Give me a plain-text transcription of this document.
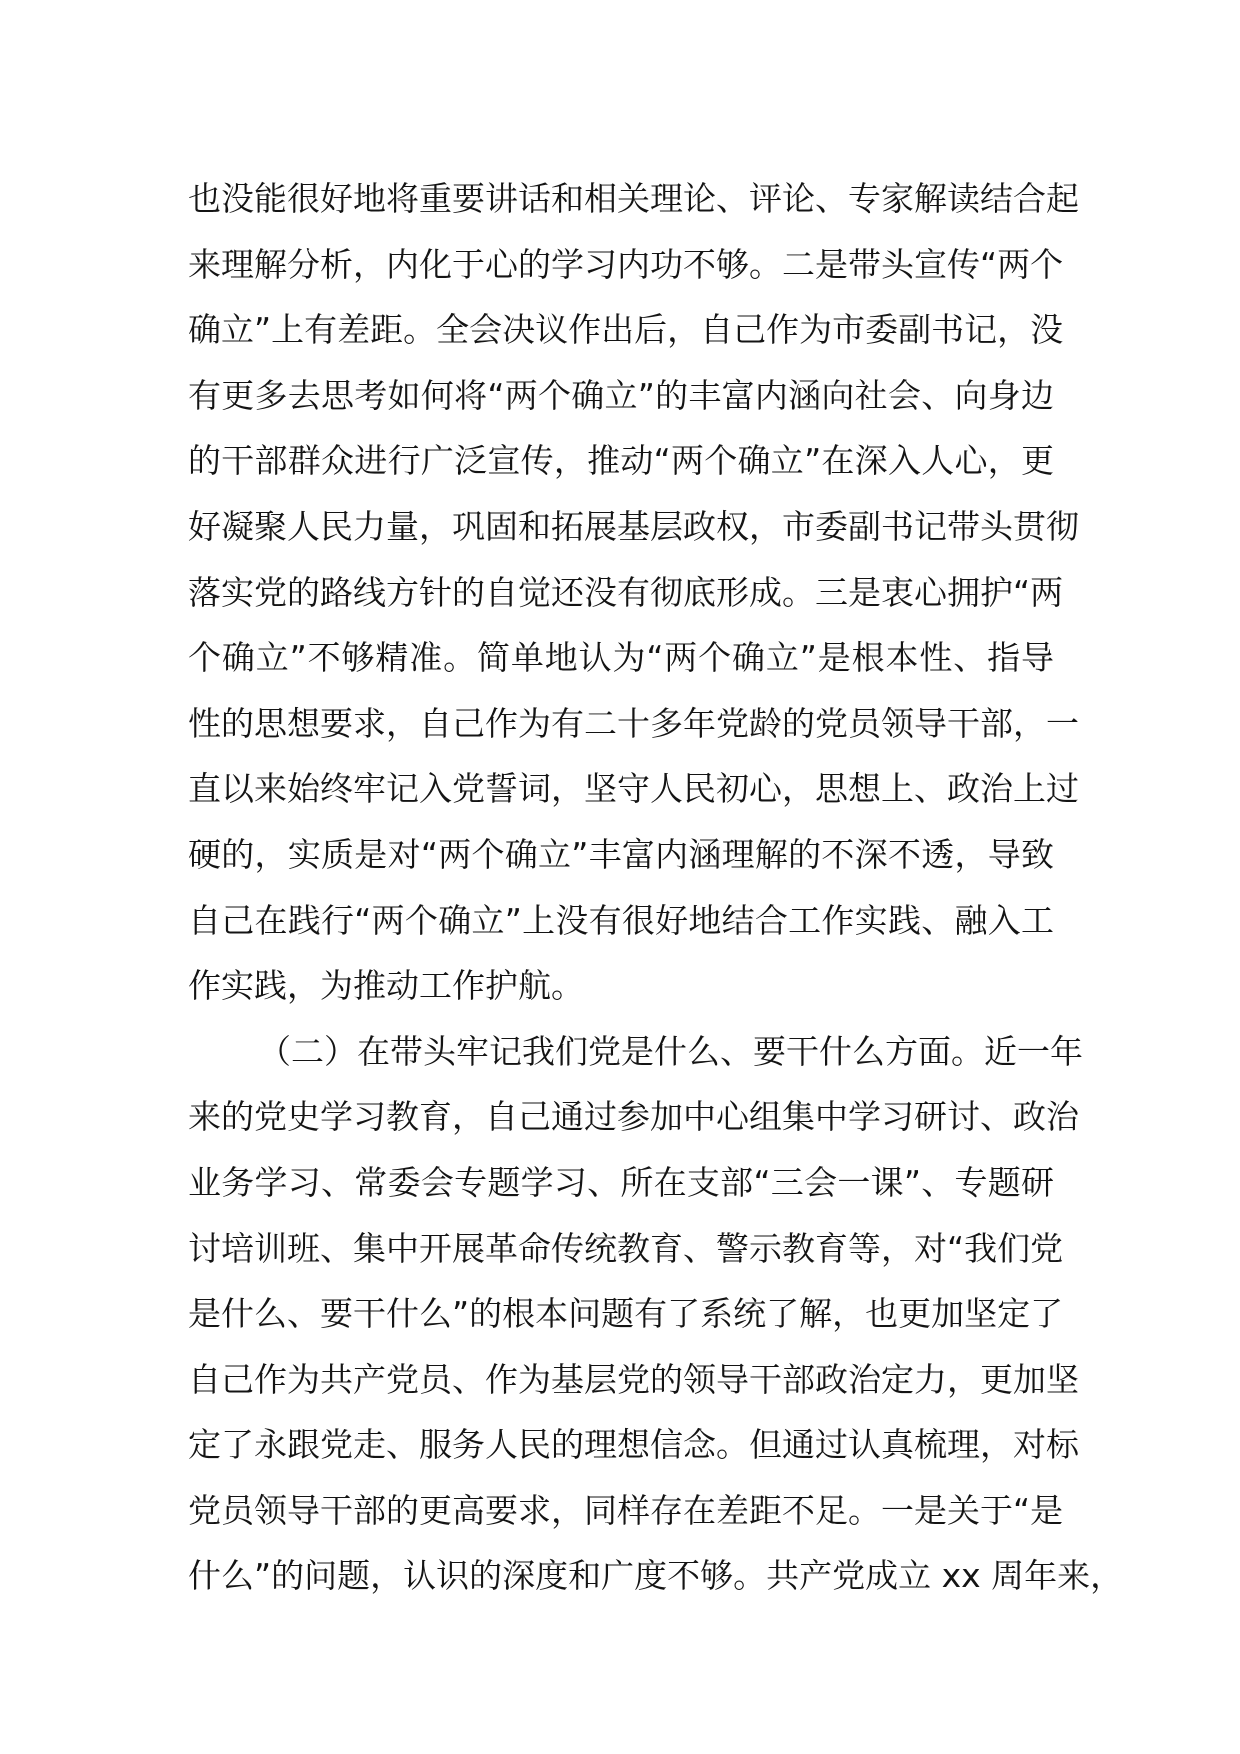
也没能很好地将重要讲话和相关理论、评论、专家解读结合起
来理解分析，内化于心的学习内功不够。二是带头宣传“两个
确立”上有差距。全会决议作出后，自己作为市委副书记，没
有更多去思考如何将“两个确立”的丰富内涵向社会、向身边
的干部群众进行广泛宣传，推动“两个确立”在深入人心，更
好凝聚人民力量，巩固和拓展基层政权，市委副书记带头贯彻
落实党的路线方针的自觉还没有彻底形成。三是衷心拥护“两
个确立”不够精准。简单地认为“两个确立”是根本性、指导
性的思想要求，自己作为有二十多年党龄的党员领导干部，一
直以来始终牢记入党誓词，坚守人民初心，思想上、政治上过
硬的，实质是对“两个确立”丰富内涵理解的不深不透，导致
自己在践行“两个确立”上没有很好地结合工作实践、融入工
作实践，为推动工作护航。
（二）在带头牢记我们党是什么、要干什么方面。近一年
来的党史学习教育，自己通过参加中心组集中学习研讨、政治
业务学习、常委会专题学习、所在支部“三会一课”、专题研
讨培训班、集中开展革命传统教育、警示教育等，对“我们党
是什么、要干什么”的根本问题有了系统了解，也更加坚定了
自己作为共产党员、作为基层党的领导干部政治定力，更加坚
定了永跟党走、服务人民的理想信念。但通过认真梳理，对标
党员领导干部的更高要求，同样存在差距不足。一是关于“是
什么”的问题，认识的深度和广度不够。共产党成立 xx 周年来，
